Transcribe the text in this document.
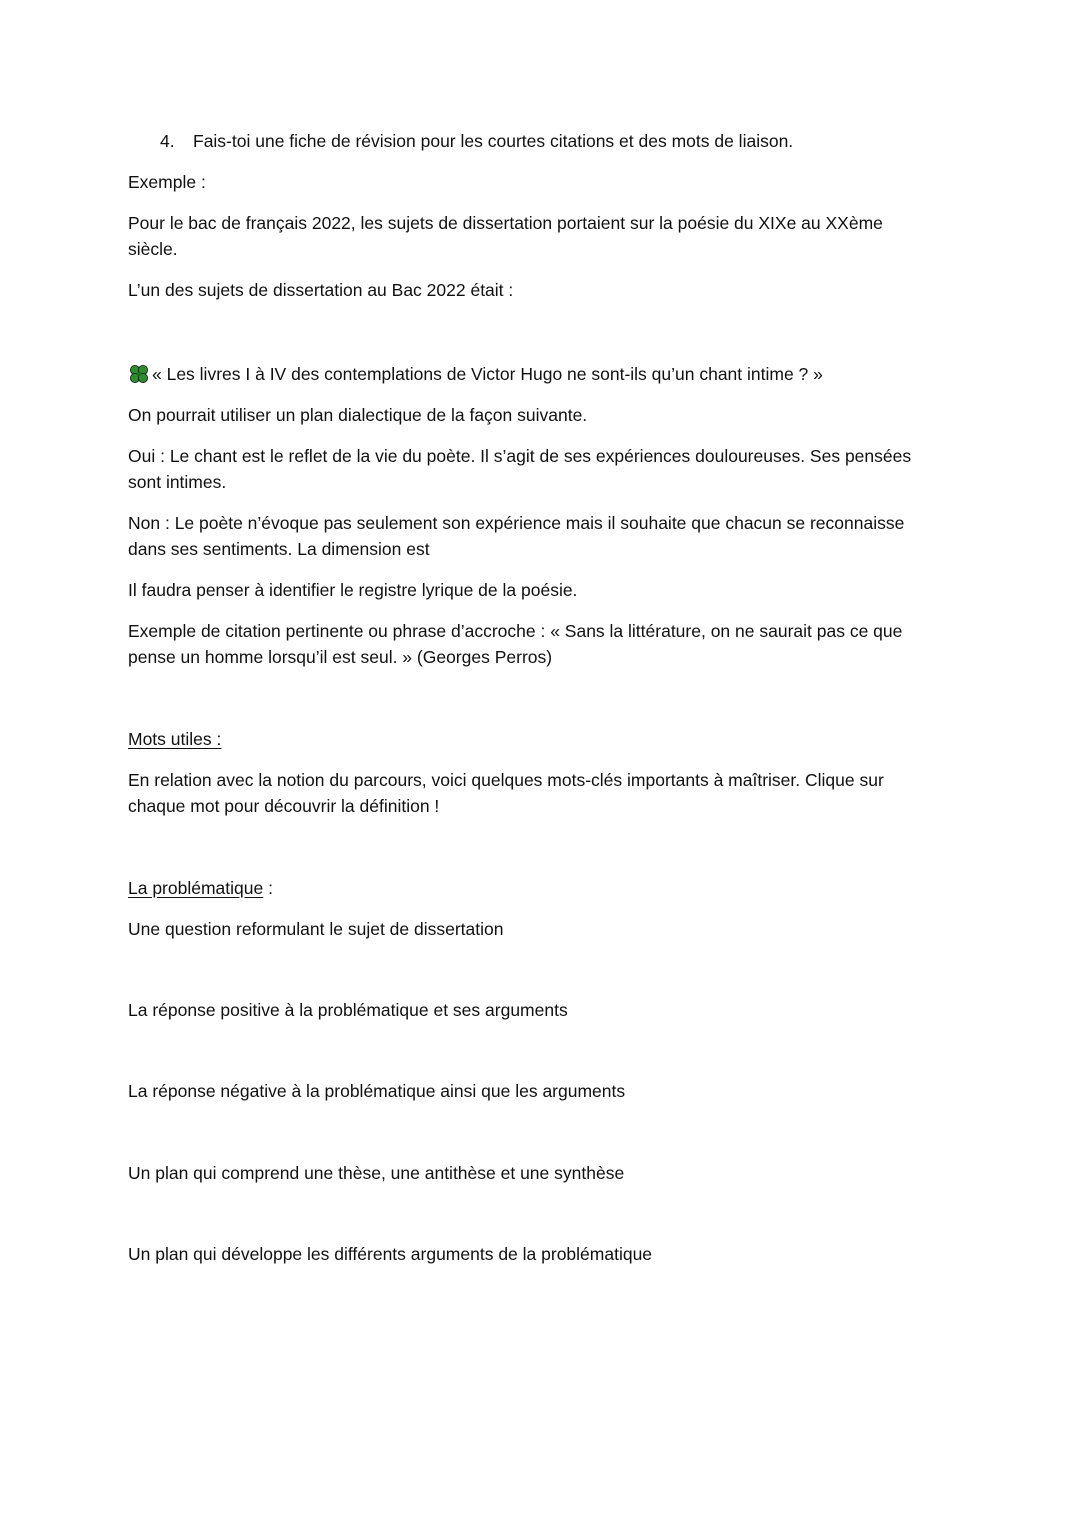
4. Fais-toi une fiche de révision pour les courtes citations et des mots de liaison.
Exemple :
Pour le bac de français 2022, les sujets de dissertation portaient sur la poésie du XIXe au XXème
siècle.
L’un des sujets de dissertation au Bac 2022 était :
« Les livres I à IV des contemplations de Victor Hugo ne sont-ils qu’un chant intime ? »
On pourrait utiliser un plan dialectique de la façon suivante.
Oui : Le chant est le reflet de la vie du poète. Il s’agit de ses expériences douloureuses. Ses pensées
sont intimes.
Non : Le poète n’évoque pas seulement son expérience mais il souhaite que chacun se reconnaisse
dans ses sentiments. La dimension est
Il faudra penser à identifier le registre lyrique de la poésie.
Exemple de citation pertinente ou phrase d’accroche : « Sans la littérature, on ne saurait pas ce que
pense un homme lorsqu’il est seul. » (Georges Perros)
Mots utiles :
En relation avec la notion du parcours, voici quelques mots-clés importants à maîtriser. Clique sur
chaque mot pour découvrir la définition !
La problématique :
Une question reformulant le sujet de dissertation
La réponse positive à la problématique et ses arguments
La réponse négative à la problématique ainsi que les arguments
Un plan qui comprend une thèse, une antithèse et une synthèse
Un plan qui développe les différents arguments de la problématique
